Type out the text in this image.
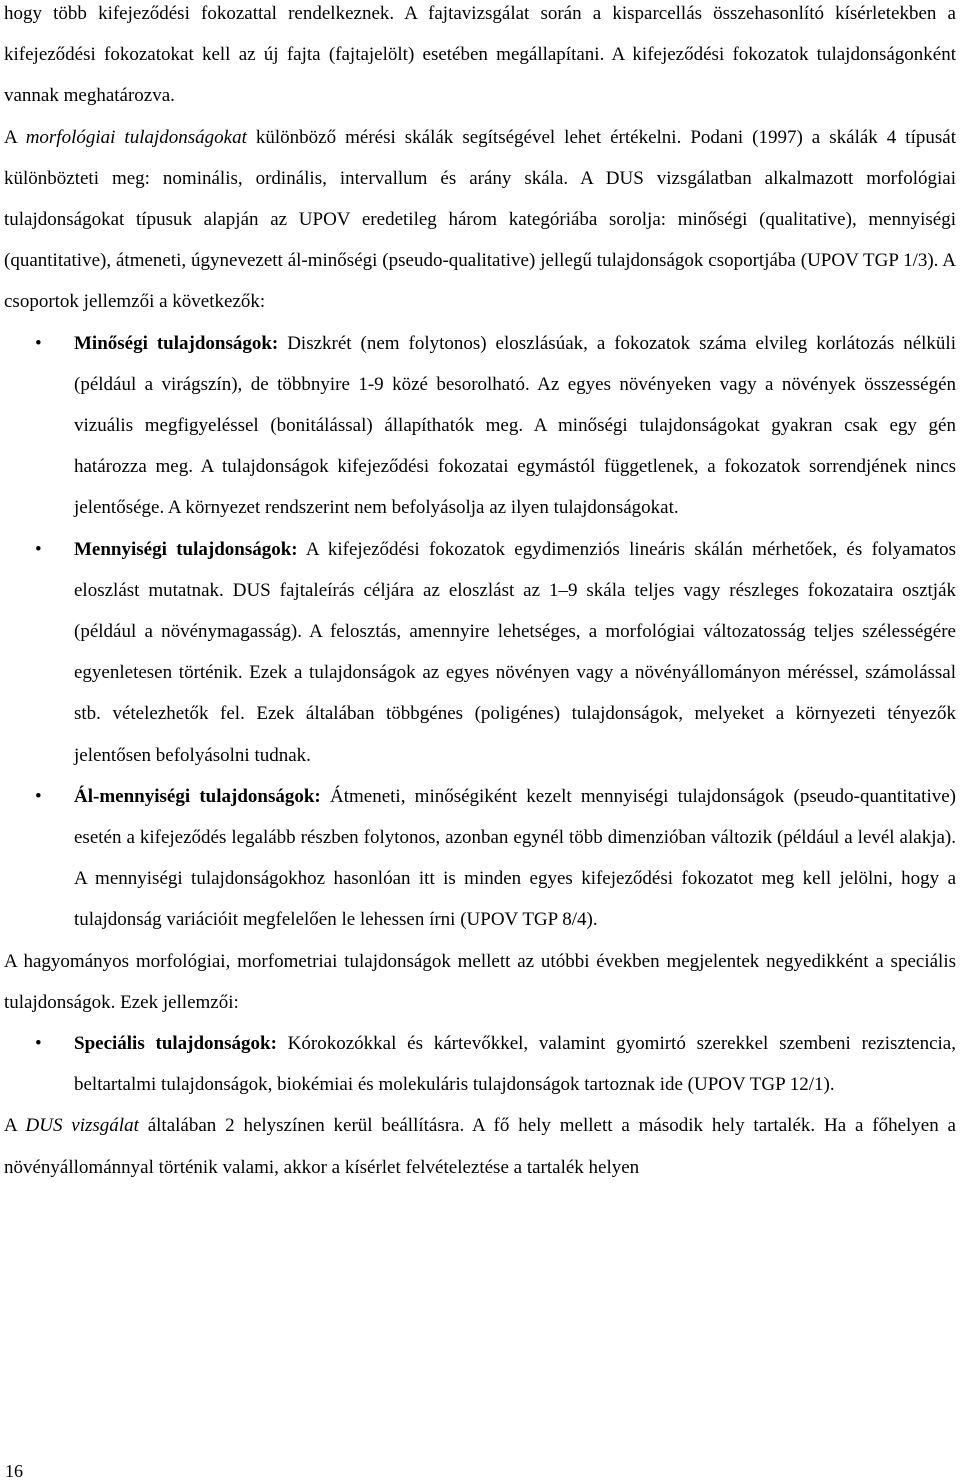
hogy több kifejeződési fokozattal rendelkeznek. A fajtavizsgálat során a kisparcellás összehasonlító kísérletekben a kifejeződési fokozatokat kell az új fajta (fajtajelölt) esetében megállapítani. A kifejeződési fokozatok tulajdonságonként vannak meghatározva.

A morfológiai tulajdonságokat különböző mérési skálák segítségével lehet értékelni. Podani (1997) a skálák 4 típusát különbözteti meg: nominális, ordinális, intervallum és arány skála. A DUS vizsgálatban alkalmazott morfológiai tulajdonságokat típusuk alapján az UPOV eredetileg három kategóriába sorolja: minőségi (qualitative), mennyiségi (quantitative), átmeneti, úgynevezett ál-minőségi (pseudo-qualitative) jellegű tulajdonságok csoportjába (UPOV TGP 1/3). A csoportok jellemzői a következők:

• Minőségi tulajdonságok: Diszkrét (nem folytonos) eloszlásúak, a fokozatok száma elvileg korlátozás nélküli (például a virágszín), de többnyire 1-9 közé besorolható. Az egyes növényeken vagy a növények összességén vizuális megfigyeléssel (bonitálással) állapíthatók meg. A minőségi tulajdonságokat gyakran csak egy gén határozza meg. A tulajdonságok kifejeződési fokozatai egymástól függetlenek, a fokozatok sorrendjének nincs jelentősége. A környezet rendszerint nem befolyásolja az ilyen tulajdonságokat.
• Mennyiségi tulajdonságok: A kifejeződési fokozatok egydimenziós lineáris skálán mérhetőek, és folyamatos eloszlást mutatnak. DUS fajtaleírás céljára az eloszlást az 1–9 skála teljes vagy részleges fokozataira osztják (például a növénymagasság). A felosztás, amennyire lehetséges, a morfológiai változatosság teljes szélességére egyenletesen történik. Ezek a tulajdonságok az egyes növényen vagy a növényállományon méréssel, számolással stb. vételezhetők fel. Ezek általában többgénes (poligénes) tulajdonságok, melyeket a környezeti tényezők jelentősen befolyásolni tudnak.
• Ál-mennyiségi tulajdonságok: Átmeneti, minőségiként kezelt mennyiségi tulajdonságok (pseudo-quantitative) esetén a kifejeződés legalább részben folytonos, azonban egynél több dimenzióban változik (például a levél alakja). A mennyiségi tulajdonságokhoz hasonlóan itt is minden egyes kifejeződési fokozatot meg kell jelölni, hogy a tulajdonság variációit megfelelően le lehessen írni (UPOV TGP 8/4).

A hagyományos morfológiai, morfometriai tulajdonságok mellett az utóbbi években megjelentek negyedikként a speciális tulajdonságok. Ezek jellemzői:

• Speciális tulajdonságok: Kórokozókkal és kártevőkkel, valamint gyomirtó szerekkel szembeni rezisztencia, beltartalmi tulajdonságok, biokémiai és molekuláris tulajdonságok tartoznak ide (UPOV TGP 12/1).

A DUS vizsgálat általában 2 helyszínen kerül beállításra. A fő hely mellett a második hely tartalék. Ha a főhelyen a növényállománnyal történik valami, akkor a kísérlet felvételeztése a tartalék helyen

16
